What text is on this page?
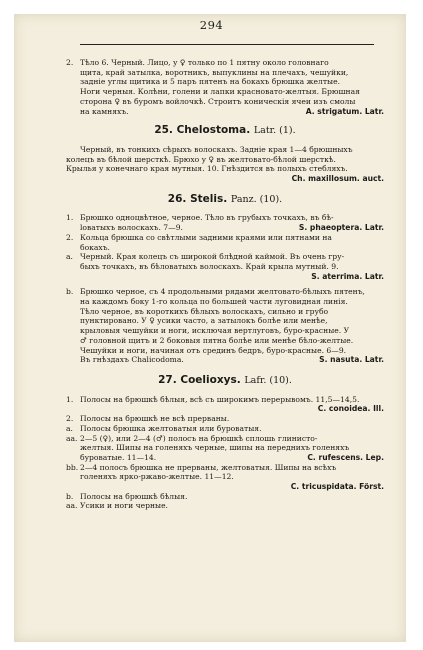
294
2. Тѣло 6. Черный. Лицо, у ♀ только по 1 пятну около головнаго
щита, край затылка, воротникъ, выпуклины на плечахъ, чешуйки,
заднiе углы щитика и 5 паръ пятенъ на бокахъ брюшка желтые.
Ноги черныя. Колѣни, голени и лапки красновато-желтыя. Брюшная
сторона ♀ въ буромъ войлочкѣ. Строитъ коническiя ячеи изъ смолы
на камняхъ.	A. strigatum. Latr.
25. Chelostoma. Latr. (1).
Черный, въ тонкихъ сѣрыхъ волоскахъ. Заднiе края 1—4 брюшныхъ
колецъ въ бѣлой шерсткѣ. Брюхо у ♀ въ желтовато-бѣлой шерсткѣ.
Крылья у конечнаго края мутныя. 10. Гнѣздится въ полыхъ стебляхъ.
Ch. maxillosum. auct.
26. Stelis. Panz. (10).
1. Брюшко одноцвѣтное, черное. Тѣло въ грубыхъ точкахъ, въ бѣ-
loватыхъ волоскахъ. 7—9.	S. phaeoptera. Latr.
2. Кольца брюшка со свѣтлыми задними краями или пятнами на
бокахъ.
a. Черный. Края колецъ съ широкой блѣдной каймой. Въ очень гру-
быхъ точкахъ, въ бѣловатыхъ волоскахъ. Край крыла мутный. 9.
S. aterrima. Latr.
b. Брюшко черное, съ 4 продольными рядами желтовато-бѣлыхъ пятенъ,
на каждомъ боку 1-го кольца по большей части луговидная линiя.
Тѣло черное, въ короткихъ бѣлыхъ волоскахъ, сильно и грубо
пунктировано. У ♀ усики часто, а затылокъ болѣе или менѣе,
крыловыя чешуйки и ноги, исключая вертлуговъ, буро-красные. У
♂ головной щитъ и 2 боковыя пятна болѣе или менѣе бѣло-желтые.
Чешуйки и ноги, начиная отъ срединъ бедръ, буро-красные. 6—9.
Въ гнѣздахъ Chalicodoma.	S. nasuta. Latr.
27. Coelioxys. Lafr. (10).
1. Полосы на брюшкѣ бѣлыя, всѣ съ широкимъ перерывомъ. 11,5—14,5.
C. conoidea. Ill.
2. Полосы на брюшкѣ не всѣ прерваны.
a. Полосы брюшка желтоватыя или буроватыя.
aa. 2—5 (♀), или 2—4 (♂) полосъ на брюшкѣ сплошь глинисто-
желтыя. Шипы на голеняхъ черные, шипы на переднихъ голеняхъ
буроватые. 11—14.	C. rufescens. Lep.
bb. 2—4 полосъ брюшка не прерваны, желтоватыя. Шипы на всѣхъ
голеняхъ ярко-ржаво-желтые. 11—12.
C. tricuspidata. Först.
b. Полосы на брюшкѣ бѣлыя.
aa. Усики и ноги черные.
